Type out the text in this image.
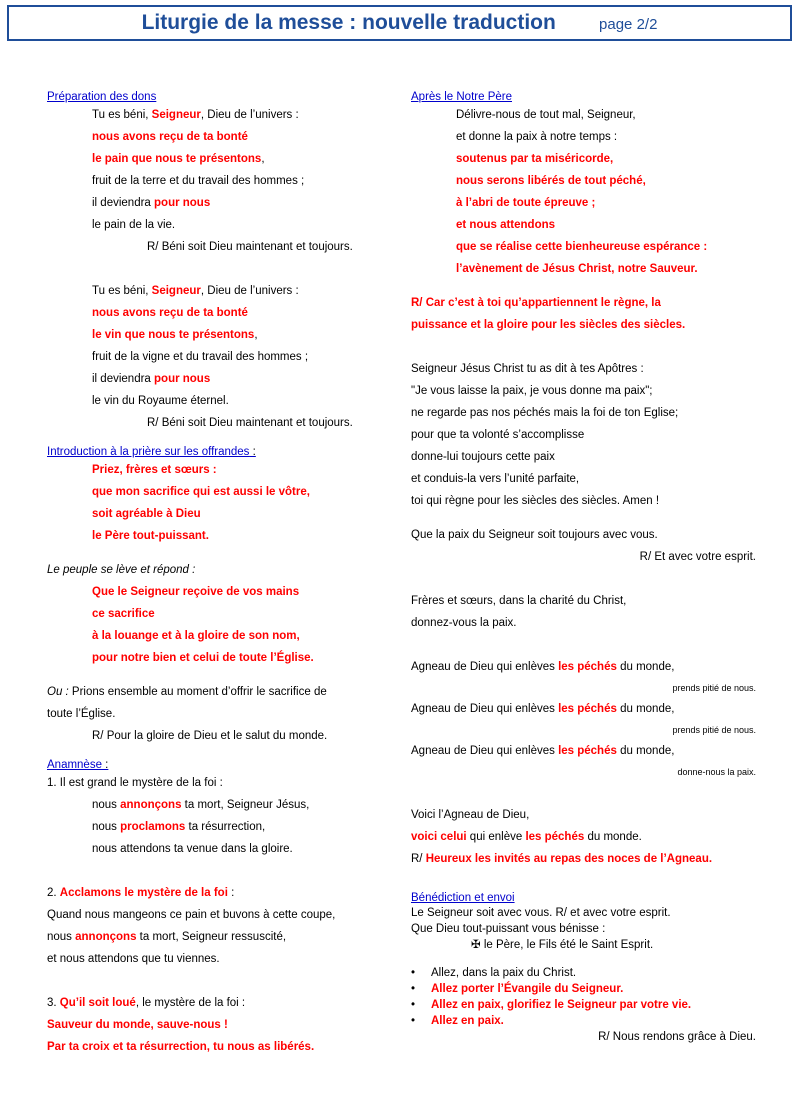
Liturgie de la messe : nouvelle traduction	page 2/2
Préparation des dons
Tu es béni, Seigneur, Dieu de l’univers :
nous avons reçu de ta bonté
le pain que nous te présentons,
fruit de la terre et du travail des hommes ;
il deviendra pour nous
le pain de la vie.
R/ Béni soit Dieu maintenant et toujours.
Tu es béni, Seigneur, Dieu de l’univers :
nous avons reçu de ta bonté
le vin que nous te présentons,
fruit de la vigne et du travail des hommes ;
il deviendra pour nous
le vin du Royaume éternel.
R/ Béni soit Dieu maintenant et toujours.
Introduction à la prière sur les offrandes :
Priez, frères et sœurs :
que mon sacrifice qui est aussi le vôtre,
soit agréable à Dieu
le Père tout-puissant.
Le peuple se lève et répond :
Que le Seigneur reçoive de vos mains
ce sacrifice
à la louange et à la gloire de son nom,
pour notre bien et celui de toute l’Église.
Ou : Prions ensemble au moment d’offrir le sacrifice de
toute l’Église.
R/ Pour la gloire de Dieu et le salut du monde.
Anamnèse :
1. Il est grand le mystère de la foi :
nous annonçons ta mort, Seigneur Jésus,
nous proclamons ta résurrection,
nous attendons ta venue dans la gloire.
2. Acclamons le mystère de la foi :
Quand nous mangeons ce pain et buvons à cette coupe,
nous annonçons ta mort, Seigneur ressuscité,
et nous attendons que tu viennes.
3. Qu’il soit loué, le mystère de la foi :
Sauveur du monde, sauve-nous !
Par ta croix et ta résurrection, tu nous as libérés.
Après le Notre Père
Délivre-nous de tout mal, Seigneur,
et donne la paix à notre temps :
soutenus par ta miséricorde,
nous serons libérés de tout péché,
à l’abri de toute épreuve ;
et nous attendons
que se réalise cette bienheureuse espérance :
l’avènement de Jésus Christ, notre Sauveur.
R/ Car c’est à toi qu’appartiennent le règne, la
puissance et la gloire pour les siècles des siècles.
Seigneur Jésus Christ tu as dit à tes Apôtres :
"Je vous laisse la paix, je vous donne ma paix";
ne regarde pas nos péchés mais la foi de ton Eglise;
pour que ta volonté s’accomplisse
donne-lui toujours cette paix
et conduis-la vers l’unité parfaite,
toi qui règne pour les siècles des siècles. Amen !
Que la paix du Seigneur soit toujours avec vous.
R/ Et avec votre esprit.
Frères et sœurs, dans la charité du Christ,
donnez-vous la paix.
Agneau de Dieu qui enlèves les péchés du monde,
prends pitié de nous.
Agneau de Dieu qui enlèves les péchés du monde,
prends pitié de nous.
Agneau de Dieu qui enlèves les péchés du monde,
donne-nous la paix.
Voici l’Agneau de Dieu,
voici celui qui enlève les péchés du monde.
R/ Heureux les invités au repas des noces de l’Agneau.
Bénédiction et envoi
Le Seigneur soit avec vous. R/ et avec votre esprit.
Que Dieu tout-puissant vous bénisse :
✠ le Père, le Fils été le Saint Esprit.
• Allez, dans la paix du Christ.
• Allez porter l’Évangile du Seigneur.
• Allez en paix, glorifiez le Seigneur par votre vie.
• Allez en paix.
R/ Nous rendons grâce à Dieu.
